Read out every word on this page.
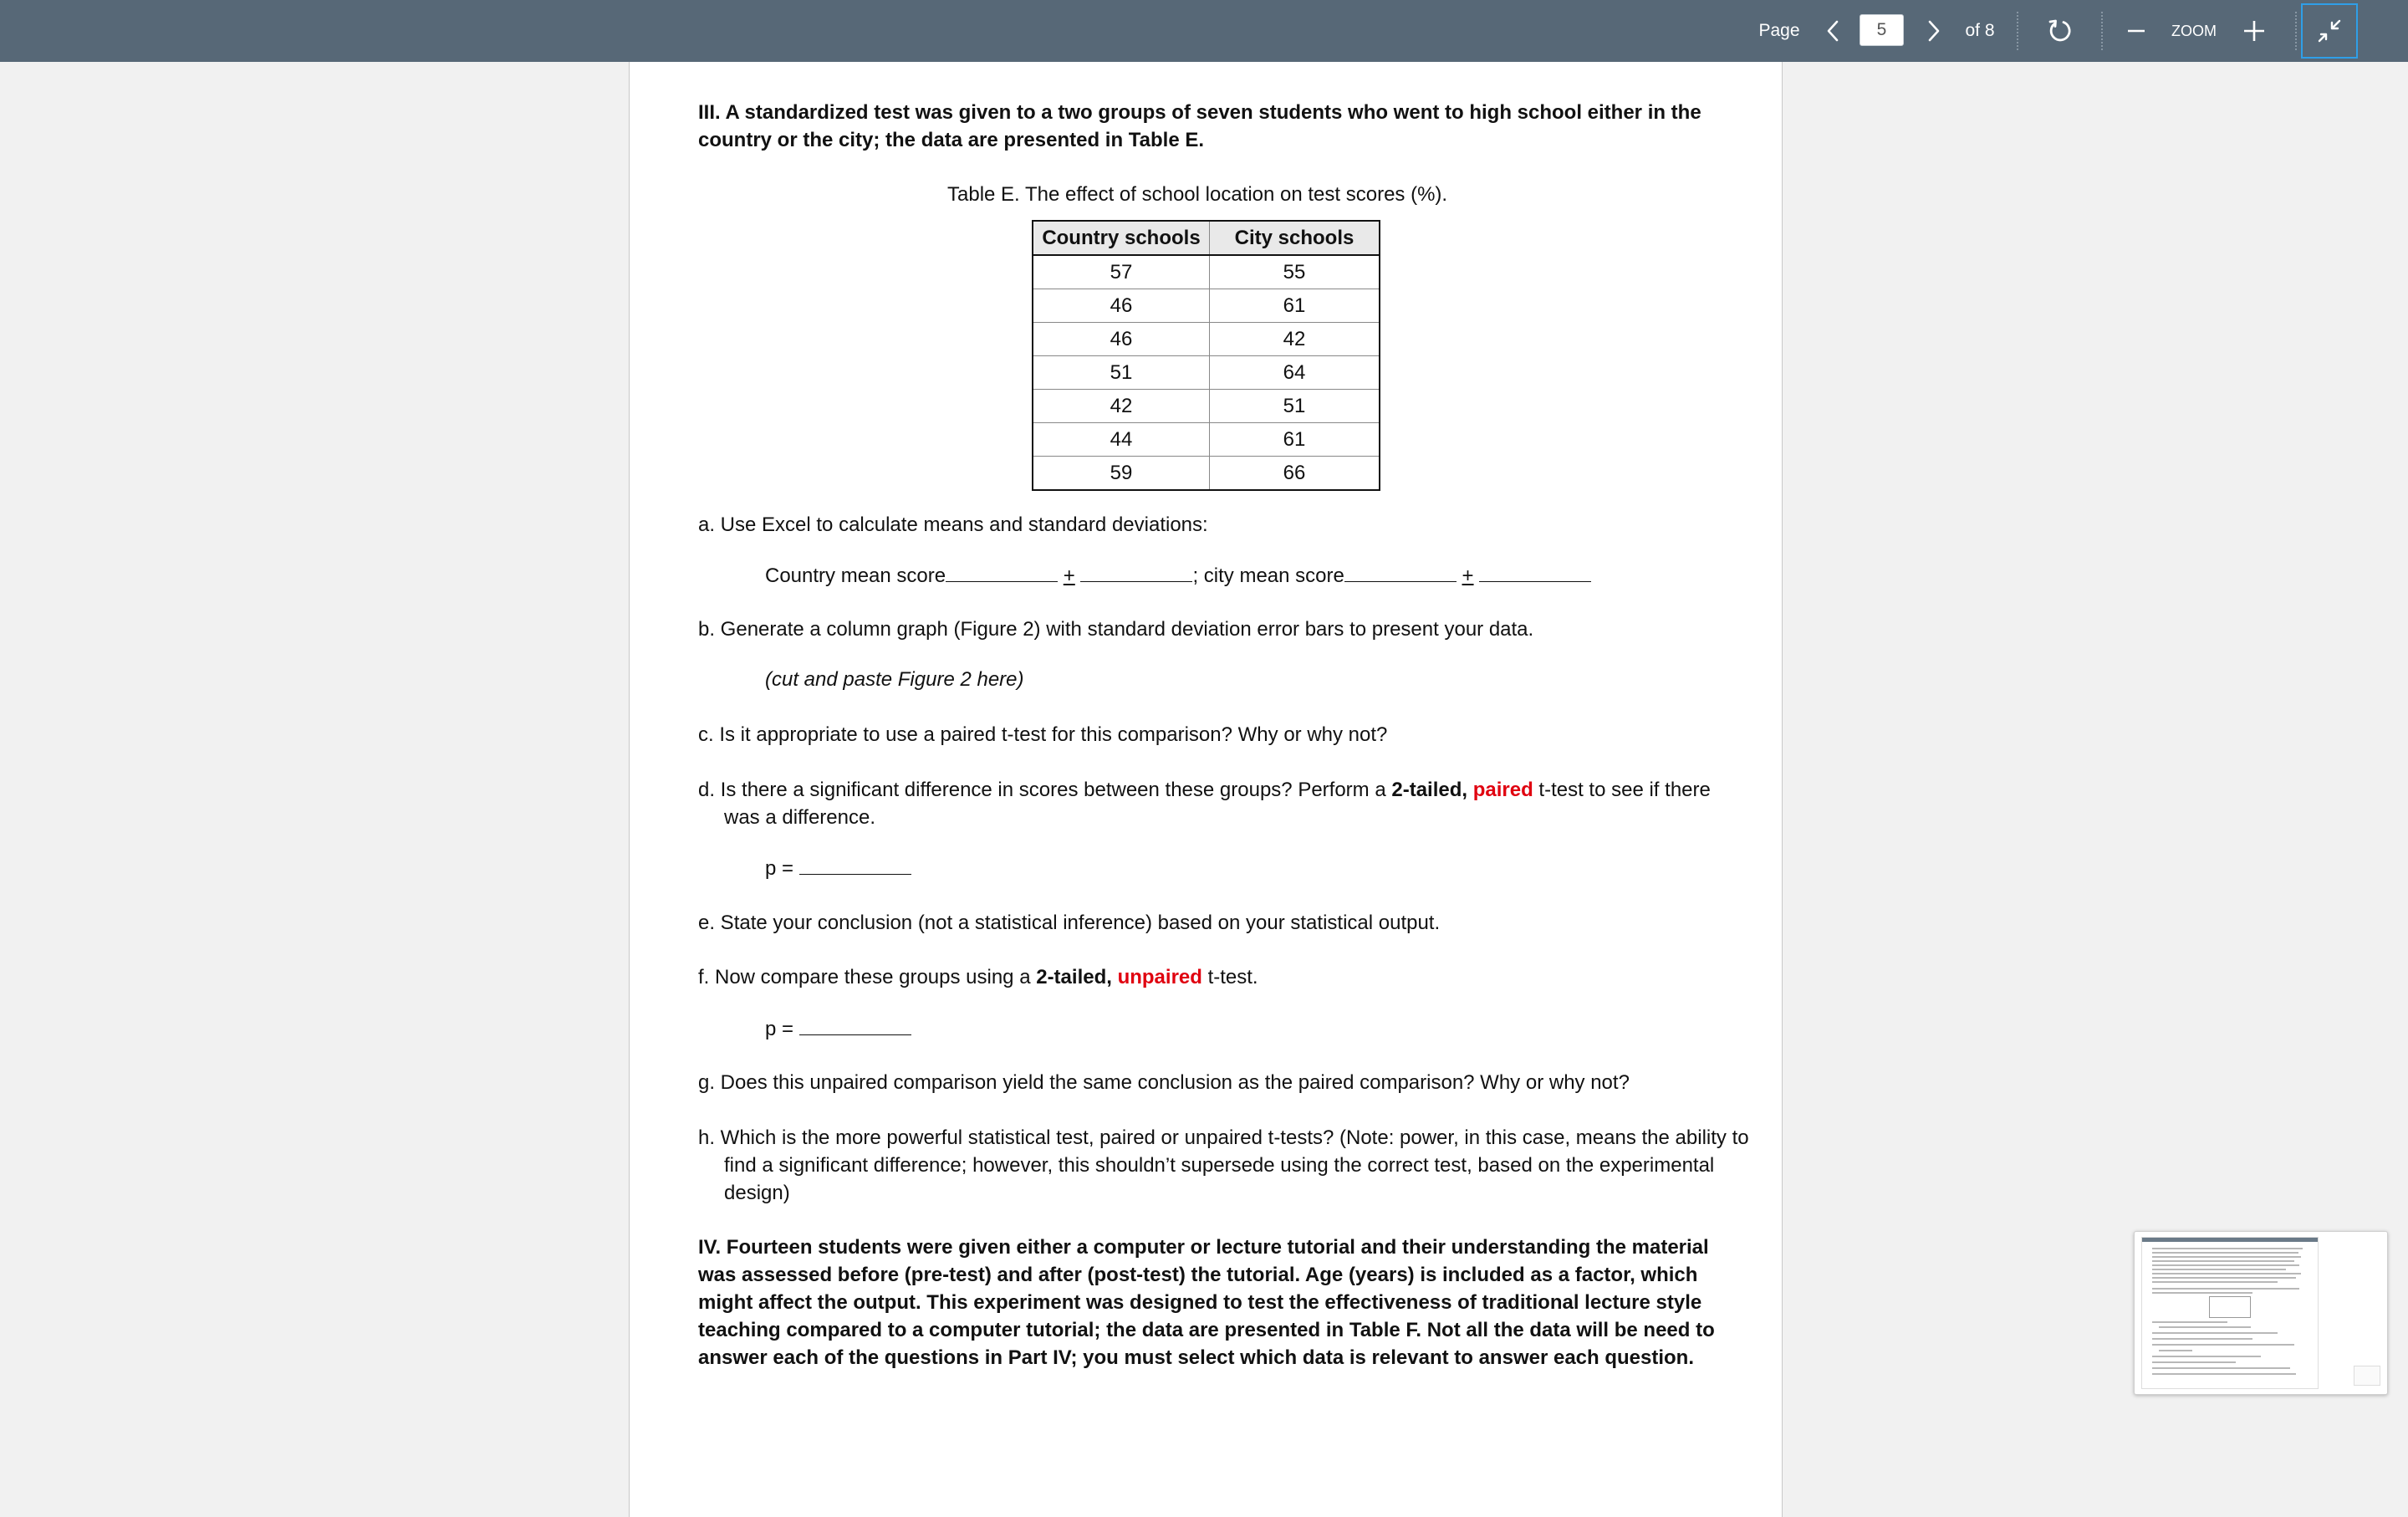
Page
5	of 8	ZOOM
III. A standardized test was given to a two groups of seven students who went to high school either in the country or the city; the data are presented in Table E.
Table E. The effect of school location on test scores (%).
Country schools	City schools
57	55
46	61
46	42
51	64
42	51
44	61
59	66
a. Use Excel to calculate means and standard deviations:
Country mean score	+	; city mean score	+
b. Generate a column graph (Figure 2) with standard deviation error bars to present your data.
(cut and paste Figure 2 here)
c. Is it appropriate to use a paired t-test for this comparison? Why or why not?
d. Is there a significant difference in scores between these groups? Perform a 2-tailed, paired t-test to see if there was a difference.
p =
e. State your conclusion (not a statistical inference) based on your statistical output.
f. Now compare these groups using a 2-tailed, unpaired t-test.
p =
g. Does this unpaired comparison yield the same conclusion as the paired comparison? Why or why not?
h. Which is the more powerful statistical test, paired or unpaired t-tests? (Note: power, in this case, means the ability to find a significant difference; however, this shouldn’t supersede using the correct test, based on the experimental design)
IV. Fourteen students were given either a computer or lecture tutorial and their understanding the material was assessed before (pre-test) and after (post-test) the tutorial. Age (years) is included as a factor, which might affect the output. This experiment was designed to test the effectiveness of traditional lecture style teaching compared to a computer tutorial; the data are presented in Table F. Not all the data will be need to answer each of the questions in Part IV; you must select which data is relevant to answer each question.
